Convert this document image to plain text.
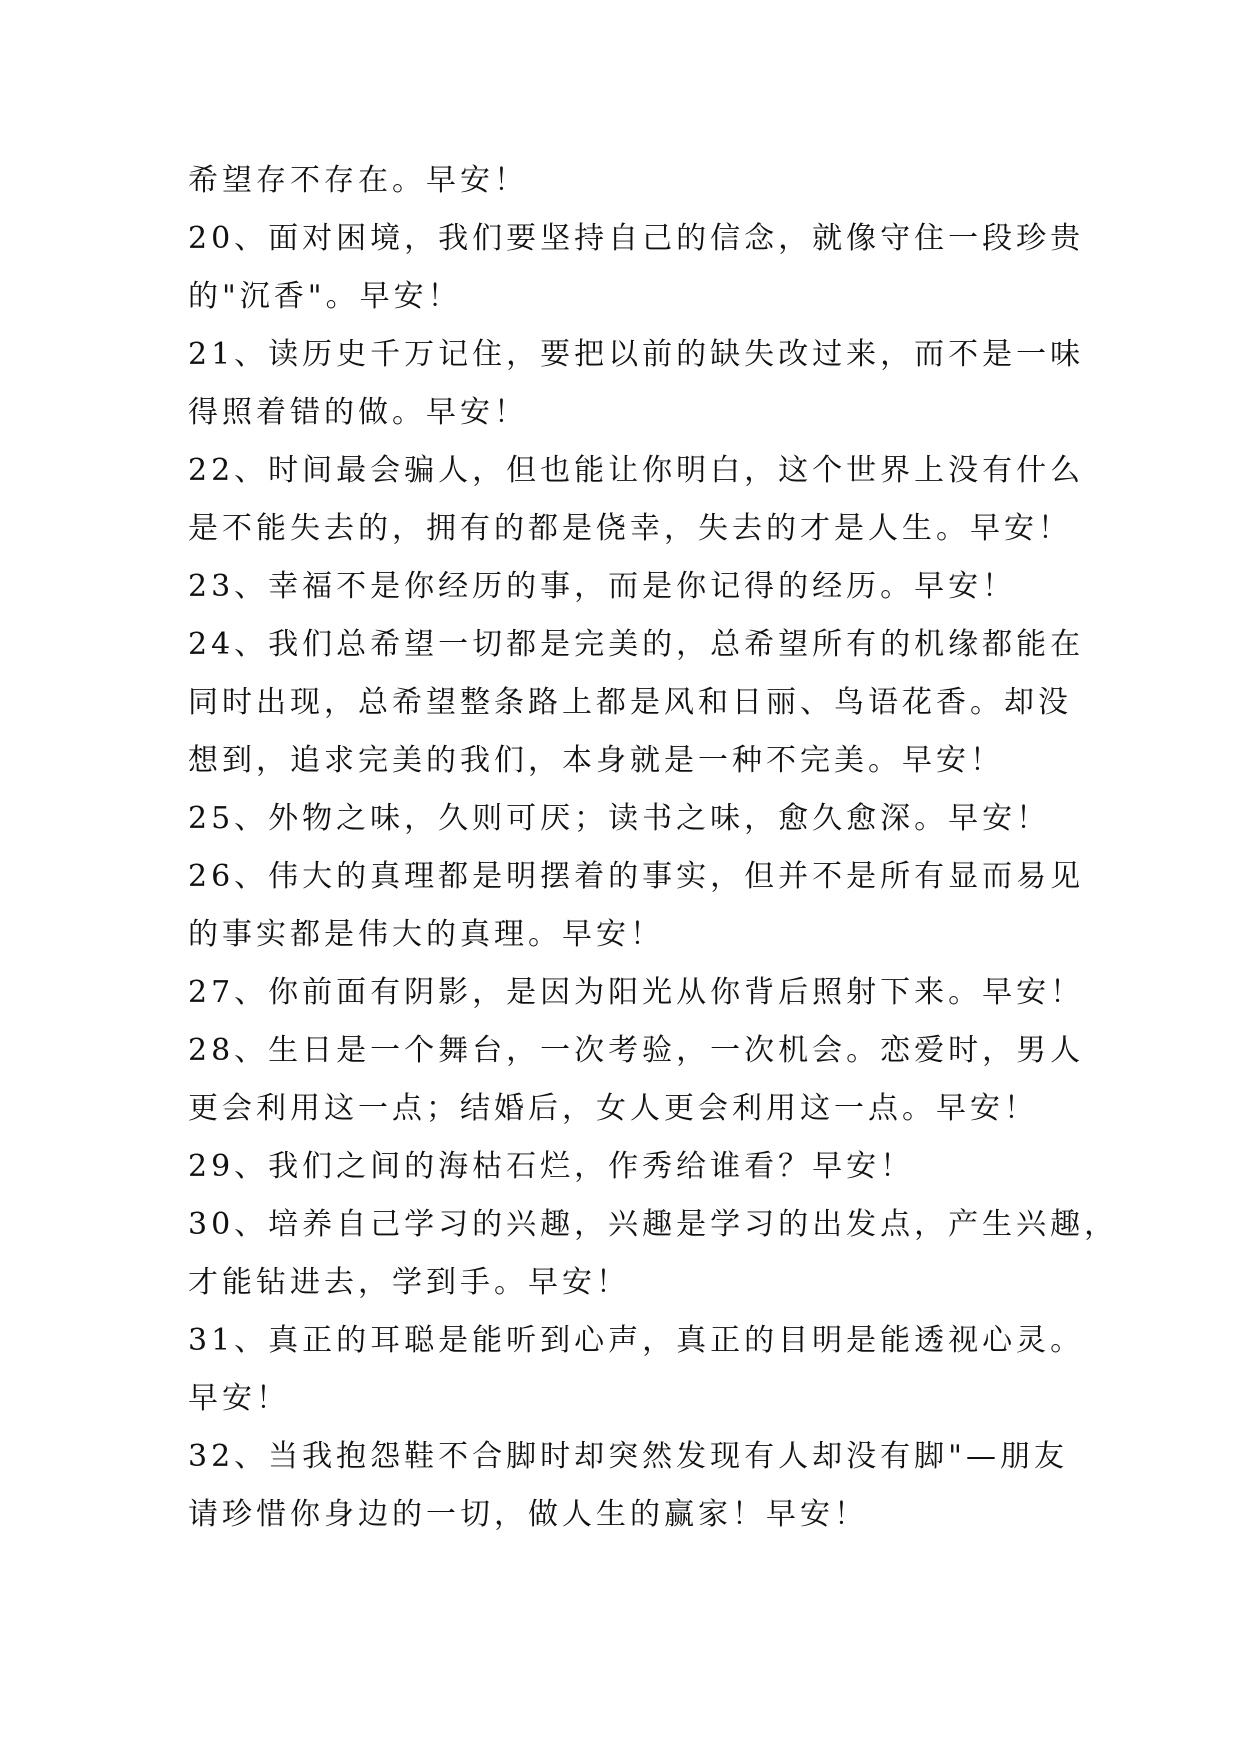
希望存不存在。早安！
20、面对困境，我们要坚持自己的信念，就像守住一段珍贵
的"沉香"。早安！
21、读历史千万记住，要把以前的缺失改过来，而不是一味
得照着错的做。早安！
22、时间最会骗人，但也能让你明白，这个世界上没有什么
是不能失去的，拥有的都是侥幸，失去的才是人生。早安！
23、幸福不是你经历的事，而是你记得的经历。早安！
24、我们总希望一切都是完美的，总希望所有的机缘都能在
同时出现，总希望整条路上都是风和日丽、鸟语花香。却没
想到，追求完美的我们，本身就是一种不完美。早安！
25、外物之味，久则可厌；读书之味，愈久愈深。早安！
26、伟大的真理都是明摆着的事实，但并不是所有显而易见
的事实都是伟大的真理。早安！
27、你前面有阴影，是因为阳光从你背后照射下来。早安！
28、生日是一个舞台，一次考验，一次机会。恋爱时，男人
更会利用这一点；结婚后，女人更会利用这一点。早安！
29、我们之间的海枯石烂，作秀给谁看？早安！
30、培养自己学习的兴趣，兴趣是学习的出发点，产生兴趣，
才能钻进去，学到手。早安！
31、真正的耳聪是能听到心声，真正的目明是能透视心灵。
早安！
32、当我抱怨鞋不合脚时却突然发现有人却没有脚"—朋友
请珍惜你身边的一切，做人生的赢家！早安！
